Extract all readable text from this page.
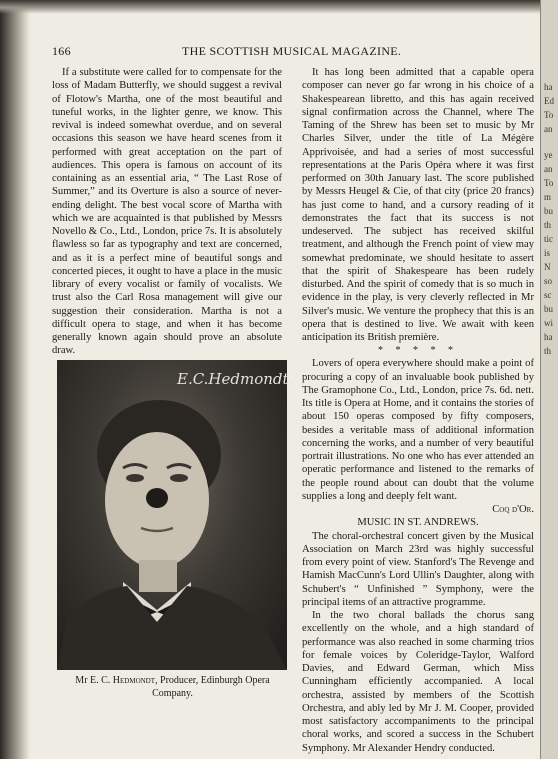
166	THE SCOTTISH MUSICAL MAGAZINE.

If a substitute were called for to compensate for the loss of Madam Butterfly, we should suggest a revival of Flotow's Martha, one of the most beautiful and tuneful works, in the lighter genre, we know. This revival is indeed somewhat overdue, and on several occasions this season we have heard scenes from it performed with great acceptation on the part of audiences. This opera is famous on account of its containing as an essential aria, “ The Last Rose of Summer,” and its Overture is also a source of never-ending delight. The best vocal score of Martha with which we are acquainted is that published by Messrs Novello & Co., Ltd., London, price 7s. It is absolutely flawless so far as typography and text are concerned, and as it is a perfect mine of beautiful songs and concerted pieces, it ought to have a place in the music library of every vocalist or family of vocalists. We trust also the Carl Rosa management will give our suggestion their consideration. Martha is not a difficult opera to stage, and when it has become generally known again should prove an absolute draw.

E.C.Hedmondt.
Mr E. C. Hedmondt, Producer, Edinburgh Opera Company.

It has long been admitted that a capable opera composer can never go far wrong in his choice of a Shakespearean libretto, and this has again received signal confirmation across the Channel, where The Taming of the Shrew has been set to music by Mr Charles Silver, under the title of La Mégère Apprivoisée, and had a series of most successful representations at the Paris Opéra where it was first performed on 30th January last. The score published by Messrs Heugel & Cie, of that city (price 20 francs) has just come to hand, and a cursory reading of it demonstrates the fact that its success is not undeserved. The subject has received skilful treatment, and although the French point of view may somewhat predominate, we should hesitate to assert that the spirit of Shakespeare has been rudely disturbed. And the spirit of comedy that is so much in evidence in the play, is very cleverly reflected in Mr Silver's music. We venture the prophecy that this is an opera that is destined to live. We await with keen anticipation its British première.

* * * * *

Lovers of opera everywhere should make a point of procuring a copy of an invaluable book published by The Gramophone Co., Ltd., London, price 7s. 6d. nett. Its title is Opera at Home, and it contains the stories of about 150 operas composed by fifty composers, besides a veritable mass of additional information concerning the works, and a number of very beautiful portrait illustrations. No one who has ever attended an operatic performance and listened to the remarks of the people round about can doubt that the volume supplies a long and deeply felt want.

Coq d'Or.
MUSIC IN ST. ANDREWS.

The choral-orchestral concert given by the Musical Association on March 23rd was highly successful from every point of view. Stanford's The Revenge and Hamish MacCunn's Lord Ullin's Daughter, along with Schubert's “ Unfinished ” Symphony, were the principal items of an attractive programme.

In the two choral ballads the chorus sang excellently on the whole, and a high standard of performance was also reached in some charming trios for female voices by Coleridge-Taylor, Walford Davies, and Edward German, which Miss Cunningham efficiently accompanied. A local orchestra, assisted by members of the Scottish Orchestra, and ably led by Mr J. M. Cooper, provided most satisfactory accompaniments to the principal choral works, and scored a success in the Schubert Symphony. Mr Alexander Hendry conducted.

ha
Ed
To
an
ye
an
To
m
bu
th
tic
is
N
so
sc
bu
wi
ha
th
